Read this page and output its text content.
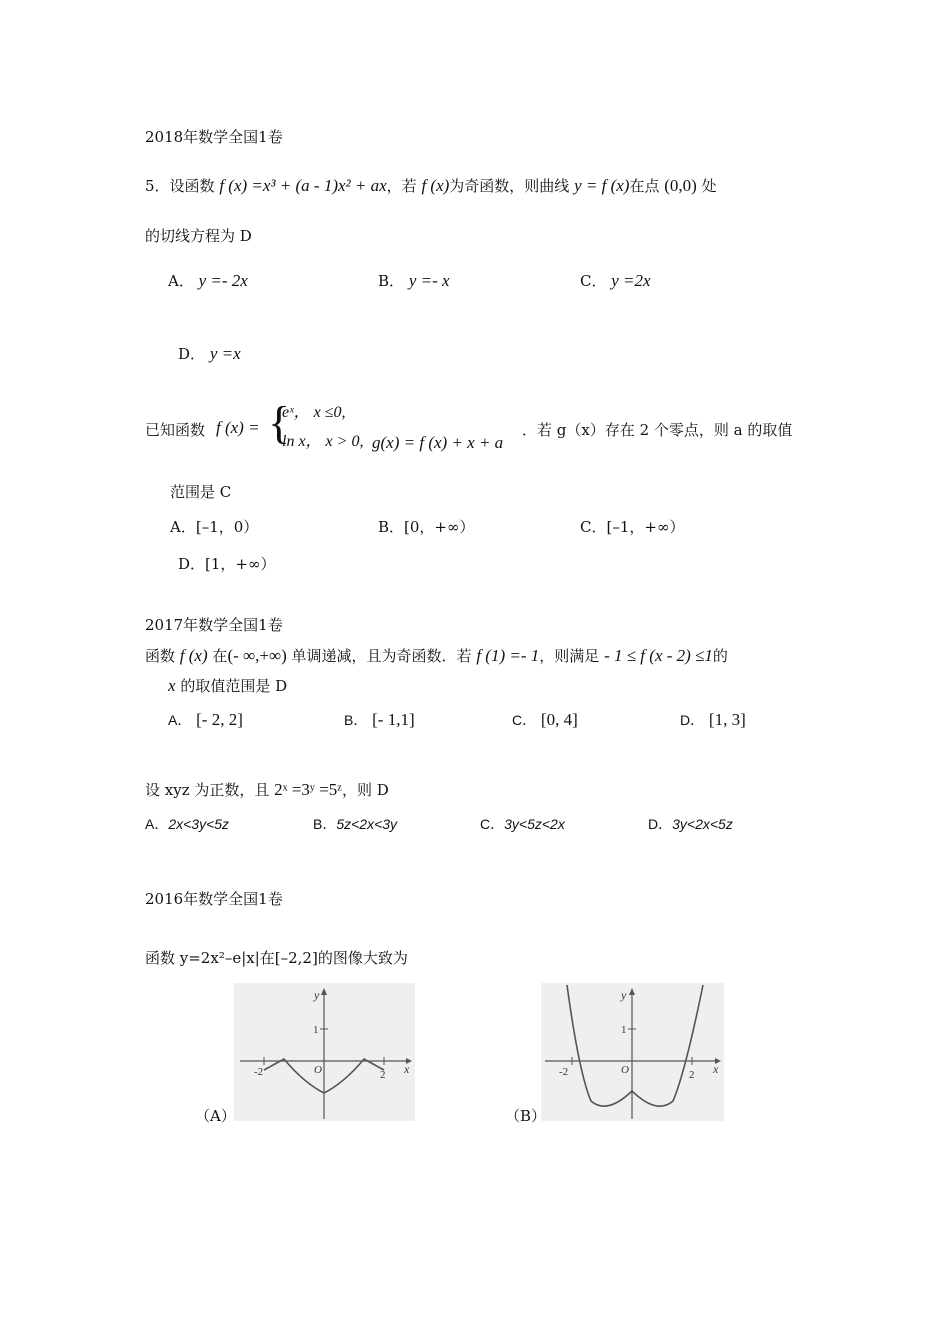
2018年数学全国1卷
5．设函数 f (x) =x³ + (a - 1)x² + ax，若 f (x)为奇函数，则曲线 y = f (x)在点 (0,0) 处
的切线方程为 D
A． y =- 2x	B． y =- x	C． y =2x
D． y =x
已知函数 f (x) = {
eˣ， x ≤0,
ln x， x > 0, g(x) = f (x) + x + a
．若 g（x）存在 2 个零点，则 a 的取值
范围是 C
A．[–1，0）	B．[0，+∞）	C．[–1，+∞）
D．[1，+∞）
2017年数学全国1卷
函数 f (x) 在(- ∞,+∞) 单调递减，且为奇函数．若 f (1) =- 1，则满足 - 1 ≤ f (x - 2) ≤1的
x 的取值范围是 D
A． [- 2, 2]	B． [- 1,1]	C． [0, 4]	D． [1, 3]
设 xyz 为正数，且 2ˣ =3ʸ =5ᶻ，则 D
A．2x<3y<5z	B．5z<2x<3y	C．3y<5z<2x	D．3y<2x<5z
2016年数学全国1卷
函数 y=2x²–e|x|在[–2,2]的图像大致为
y
x
1
-2	2
O
（A）
y
x
1
-2	2
O
（B）
